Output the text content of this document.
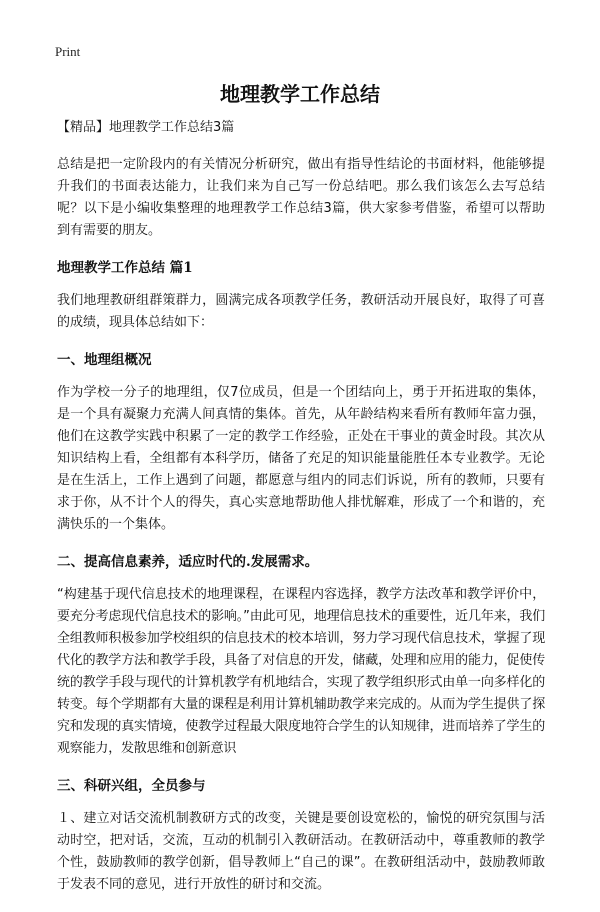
Print
地理教学工作总结
【精品】地理教学工作总结3篇

总结是把一定阶段内的有关情况分析研究，做出有指导性结论的书面材料，他能够提升我们的书面表达能力，让我们来为自己写一份总结吧。那么我们该怎么去写总结呢？以下是小编收集整理的地理教学工作总结3篇，供大家参考借鉴，希望可以帮助到有需要的朋友。

地理教学工作总结 篇1

我们地理教研组群策群力，圆满完成各项教学任务，教研活动开展良好，取得了可喜的成绩，现具体总结如下：

一、地理组概况

作为学校一分子的地理组，仅7位成员，但是一个团结向上，勇于开拓进取的集体，是一个具有凝聚力充满人间真情的集体。首先，从年龄结构来看所有教师年富力强，他们在这教学实践中积累了一定的教学工作经验，正处在干事业的黄金时段。其次从知识结构上看，全组都有本科学历，储备了充足的知识能量能胜任本专业教学。无论是在生活上，工作上遇到了问题，都愿意与组内的同志们诉说，所有的教师，只要有求于你，从不计个人的得失，真心实意地帮助他人排忧解难，形成了一个和谐的，充满快乐的一个集体。

二、提高信息素养，适应时代的.发展需求。

“构建基于现代信息技术的地理课程，在课程内容选择，教学方法改革和教学评价中，要充分考虑现代信息技术的影响。”由此可见，地理信息技术的重要性，近几年来，我们全组教师积极参加学校组织的信息技术的校本培训，努力学习现代信息技术，掌握了现代化的教学方法和教学手段，具备了对信息的开发，储藏，处理和应用的能力，促使传统的教学手段与现代的计算机教学有机地结合，实现了教学组织形式由单一向多样化的转变。每个学期都有大量的课程是利用计算机辅助教学来完成的。从而为学生提供了探究和发现的真实情境，使教学过程最大限度地符合学生的认知规律，进而培养了学生的观察能力，发散思维和创新意识

三、科研兴组，全员参与

１、建立对话交流机制教研方式的改变，关键是要创设宽松的，愉悦的研究氛围与活动时空，把对话，交流，互动的机制引入教研活动。在教研活动中，尊重教师的教学个性，鼓励教师的教学创新，倡导教师上“自己的课”。在教研组活动中，鼓励教师敢于发表不同的意见，进行开放性的研讨和交流。
